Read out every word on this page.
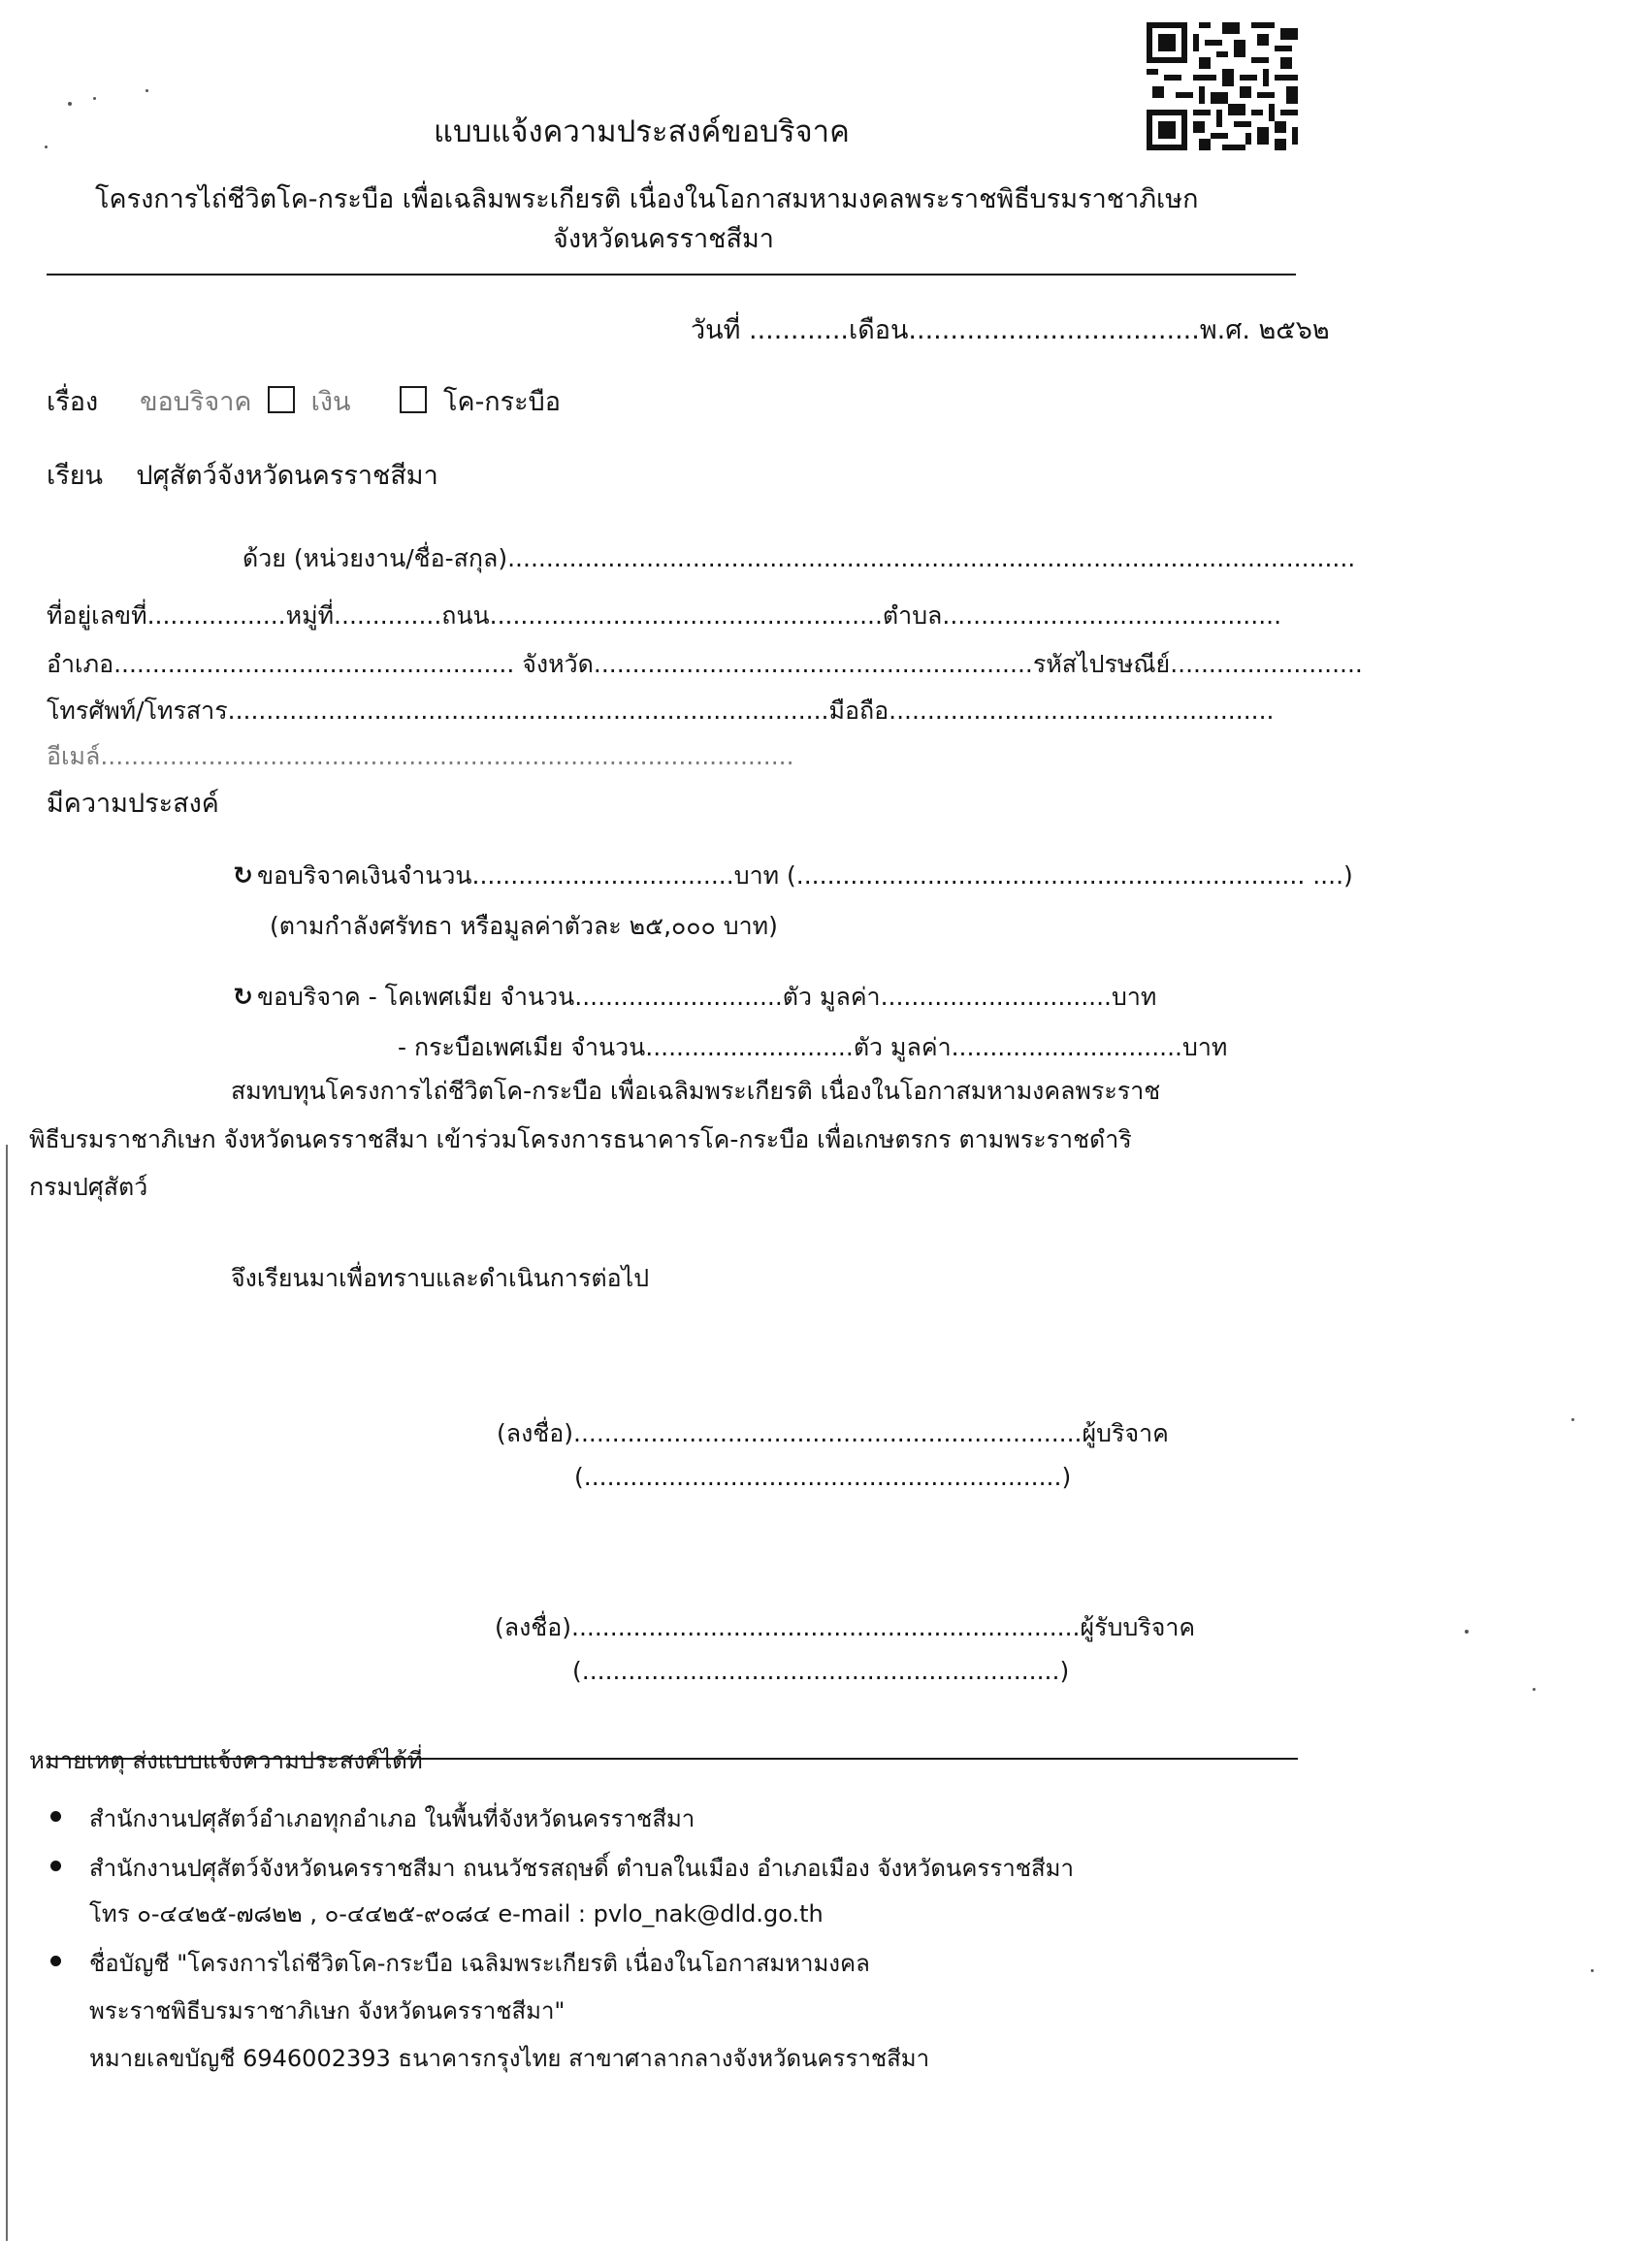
แบบแจ้งความประสงค์ขอบริจาค
โครงการไถ่ชีวิตโค-กระบือ เพื่อเฉลิมพระเกียรติ เนื่องในโอกาสมหามงคลพระราชพิธีบรมราชาภิเษก
จังหวัดนครราชสีมา
วันที่ ............เดือน...................................พ.ศ. ๒๕๖๒
เรื่อง ขอบริจาค เงิน	โค-กระบือ
เรียน ปศุสัตว์จังหวัดนครราชสีมา
ด้วย (หน่วยงาน/ชื่อ-สกุล)..............................................................................................................
ที่อยู่เลขที่..................หมู่ที่..............ถนน...................................................ตำบล............................................
อำเภอ.................................................... จังหวัด.........................................................รหัสไปรษณีย์.........................
โทรศัพท์/โทรสาร..............................................................................มือถือ..................................................
อีเมล์..........................................................................................
มีความประสงค์
↻ ขอบริจาคเงินจำนวน..................................บาท (.................................................................. ....)
(ตามกำลังศรัทธา หรือมูลค่าตัวละ ๒๕,๐๐๐ บาท)
↻ ขอบริจาค - โคเพศเมีย จำนวน...........................ตัว มูลค่า..............................บาท
- กระบือเพศเมีย จำนวน...........................ตัว มูลค่า..............................บาท
สมทบทุนโครงการไถ่ชีวิตโค-กระบือ เพื่อเฉลิมพระเกียรติ เนื่องในโอกาสมหามงคลพระราช
พิธีบรมราชาภิเษก จังหวัดนครราชสีมา เข้าร่วมโครงการธนาคารโค-กระบือ เพื่อเกษตรกร ตามพระราชดำริ
กรมปศุสัตว์
จึงเรียนมาเพื่อทราบและดำเนินการต่อไป
(ลงชื่อ)..................................................................ผู้บริจาค
(..............................................................)
(ลงชื่อ)..................................................................ผู้รับบริจาค
(..............................................................)
หมายเหตุ ส่งแบบแจ้งความประสงค์ได้ที่
สำนักงานปศุสัตว์อำเภอทุกอำเภอ ในพื้นที่จังหวัดนครราชสีมา
สำนักงานปศุสัตว์จังหวัดนครราชสีมา ถนนวัชรสฤษดิ์ ตำบลในเมือง อำเภอเมือง จังหวัดนครราชสีมา
โทร ๐-๔๔๒๕-๗๘๒๒ , ๐-๔๔๒๕-๙๐๘๔ e-mail : pvlo_nak@dld.go.th
ชื่อบัญชี "โครงการไถ่ชีวิตโค-กระบือ เฉลิมพระเกียรติ เนื่องในโอกาสมหามงคล
พระราชพิธีบรมราชาภิเษก จังหวัดนครราชสีมา"
หมายเลขบัญชี 6946002393 ธนาคารกรุงไทย สาขาศาลากลางจังหวัดนครราชสีมา
